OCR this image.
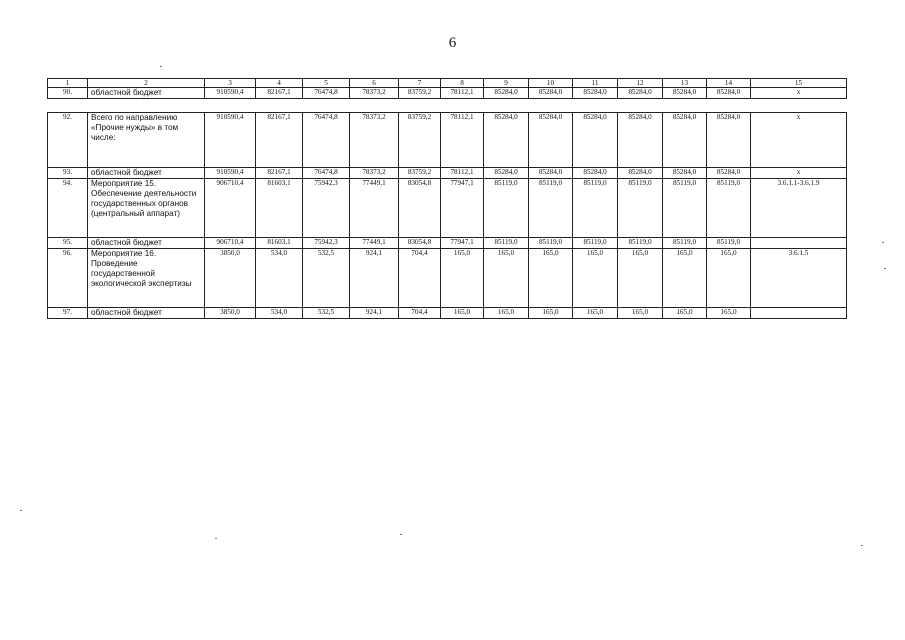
6
1	2	3	4	5	6	7	8	9	10	11	12	13	14	15
90.	областной бюджет	910590,4	82167,1	76474,8	78373,2	83759,2	78112,1	85284,0	85284,0	85284,0	85284,0	85284,0	85284,0	x
92.	Всего по направлению «Прочие нужды» в том числе:	910590,4	82167,1	76474,8	78373,2	83759,2	78112,1	85284,0	85284,0	85284,0	85284,0	85284,0	85284,0	x
93.	областной бюджет	910590,4	82167,1	76474,8	78373,2	83759,2	78112,1	85284,0	85284,0	85284,0	85284,0	85284,0	85284,0	x
94.	Мероприятие 15. Обеспечение деятельности государственных органов (центральный аппарат)	906710,4	81603,1	75942,3	77449,1	83054,8	77947,1	85119,0	85119,0	85119,0	85119,0	85119,0	85119,0	3.6.1.1-3.6.1.9
95.	областной бюджет	906710,4	81603,1	75942,3	77449,1	83054,8	77947,1	85119,0	85119,0	85119,0	85119,0	85119,0	85119,0	
96.	Мероприятие 16. Проведение государственной экологической экспертизы	3850,0	534,0	532,5	924,1	704,4	165,0	165,0	165,0	165,0	165,0	165,0	165,0	3.6.1.5
97.	областной бюджет	3850,0	534,0	532,5	924,1	704,4	165,0	165,0	165,0	165,0	165,0	165,0	165,0	
